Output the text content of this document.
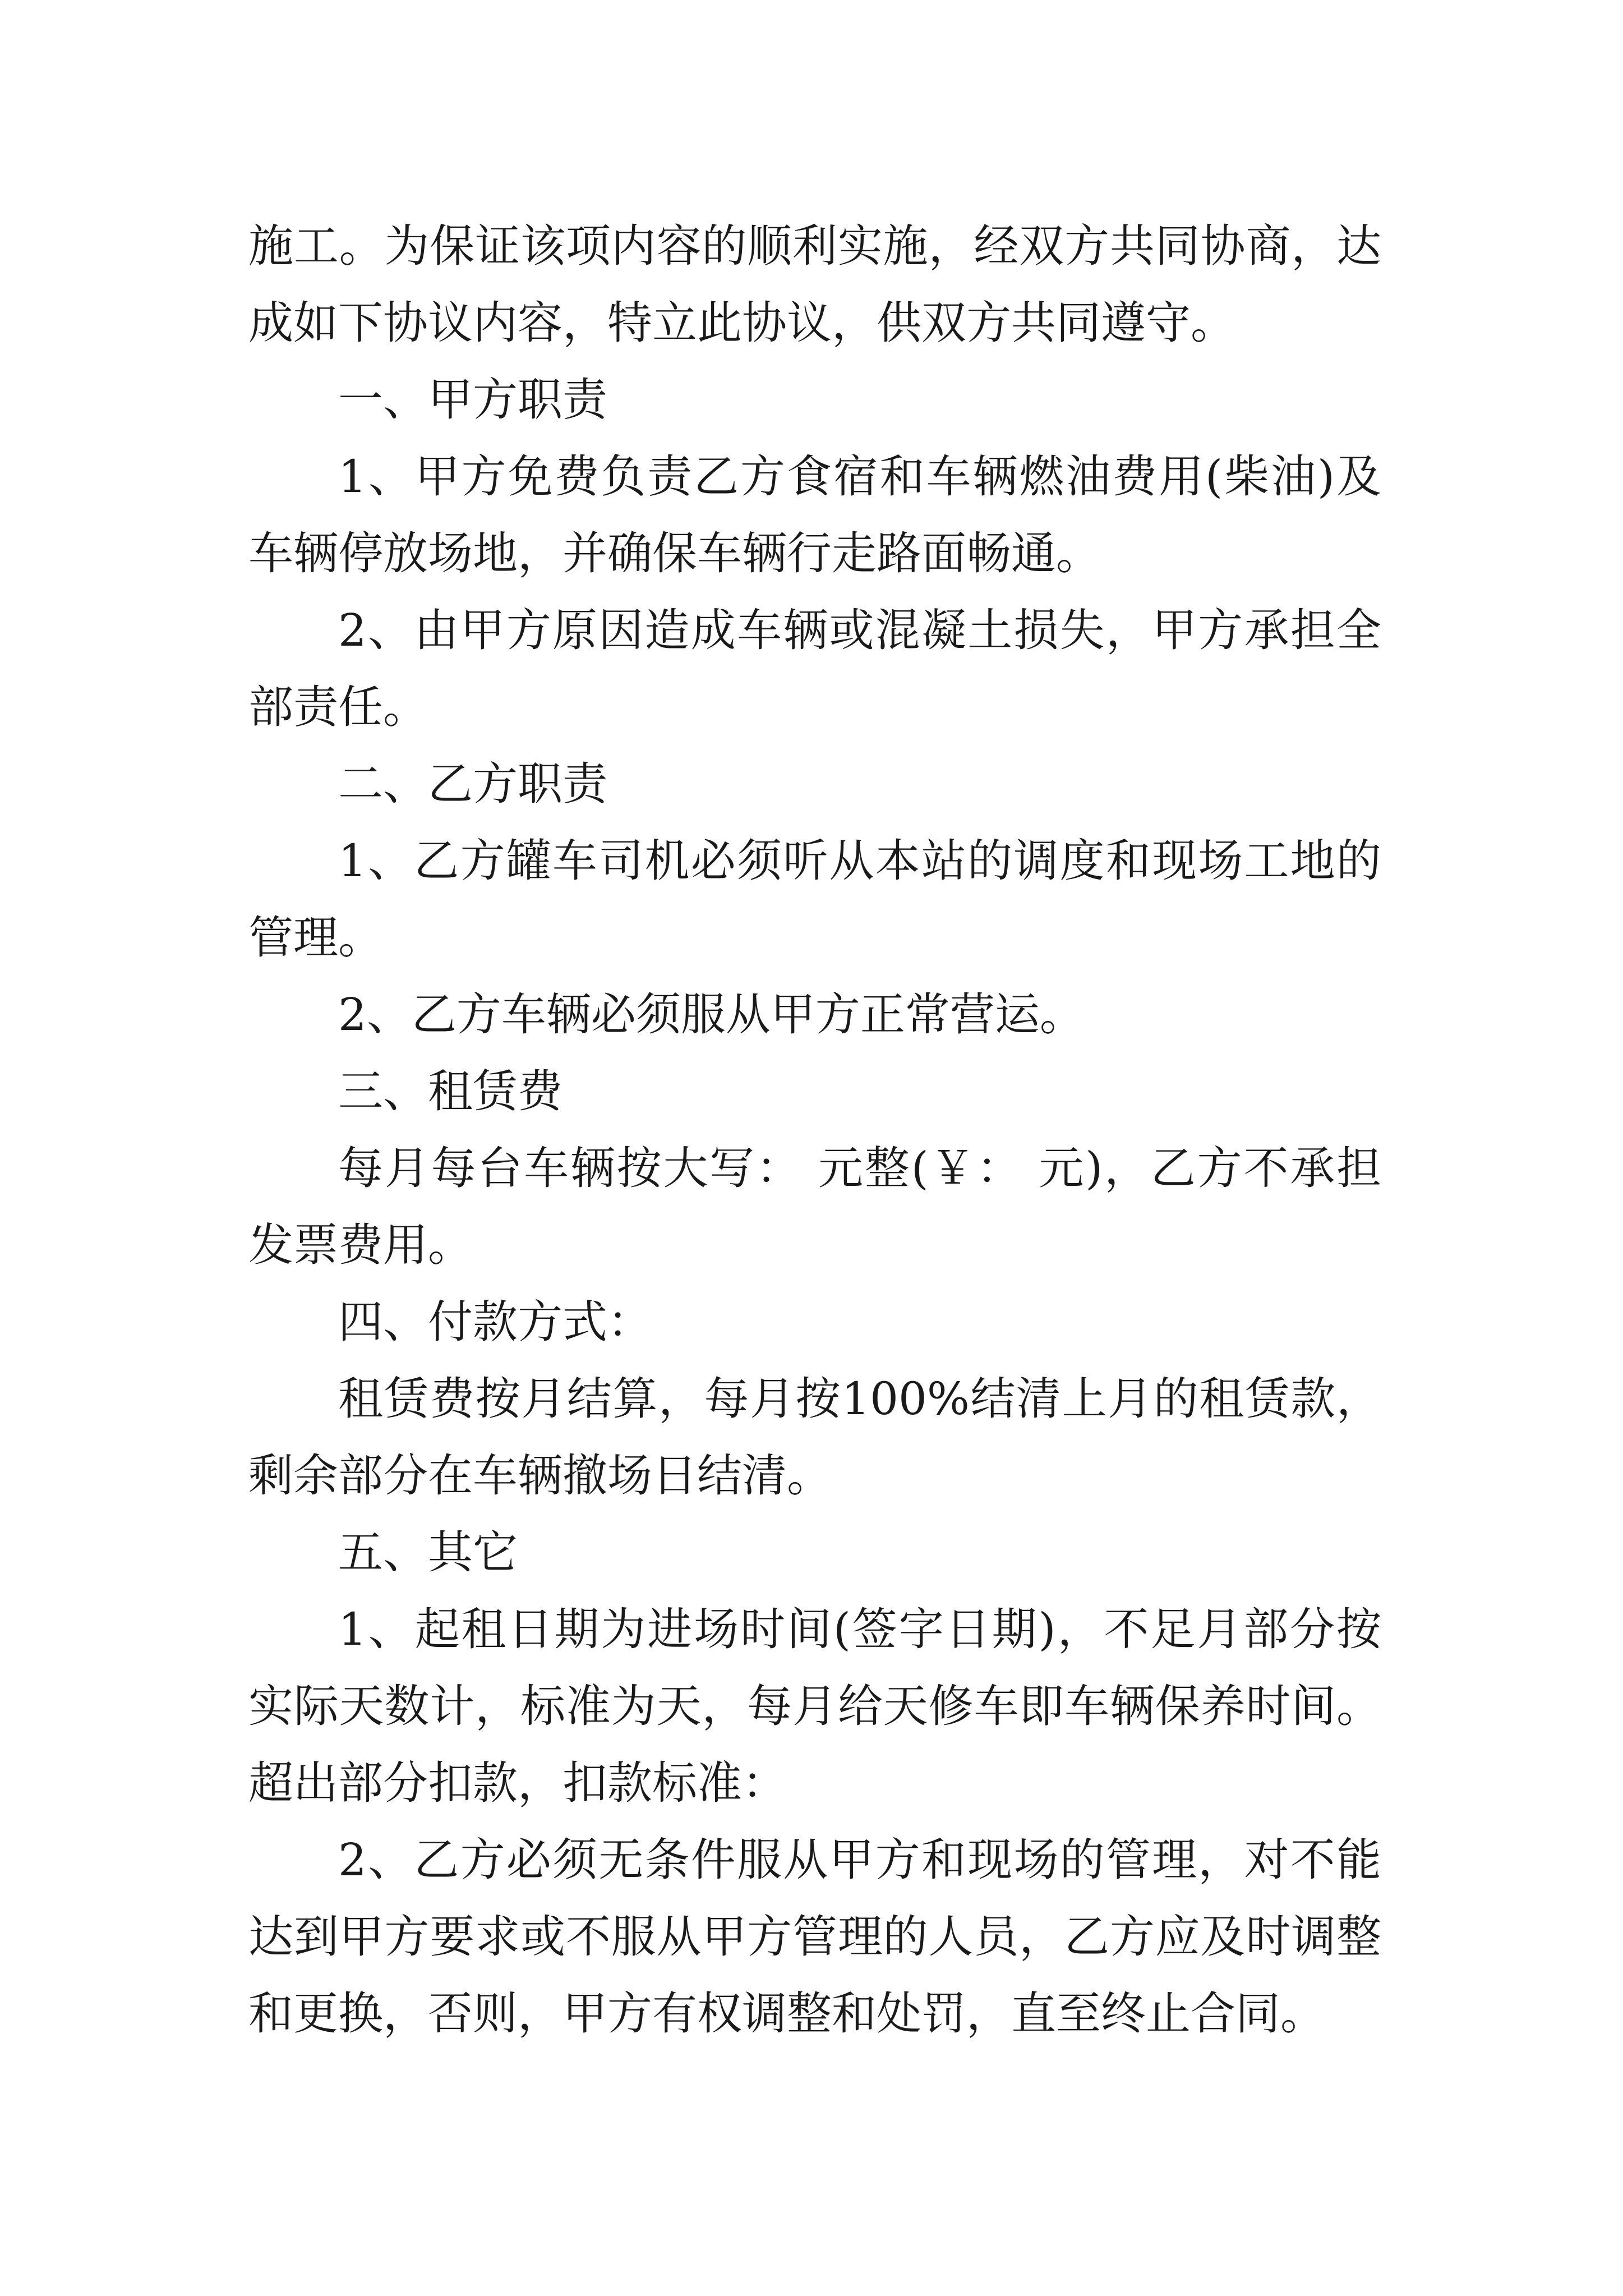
施工。为保证该项内容的顺利实施，经双方共同协商，达成如下协议内容，特立此协议，供双方共同遵守。

一、甲方职责

1、甲方免费负责乙方食宿和车辆燃油费用(柴油)及车辆停放场地，并确保车辆行走路面畅通。

2、由甲方原因造成车辆或混凝土损失，甲方承担全部责任。

二、乙方职责

1、乙方罐车司机必须听从本站的调度和现场工地的管理。

2、乙方车辆必须服从甲方正常营运。

三、租赁费

每月每台车辆按大写： 元整(￥： 元)，乙方不承担发票费用。

四、付款方式：

租赁费按月结算，每月按100%结清上月的租赁款，剩余部分在车辆撤场日结清。

五、其它

1、起租日期为进场时间(签字日期)，不足月部分按实际天数计，标准为天，每月给天修车即车辆保养时间。超出部分扣款，扣款标准：

2、乙方必须无条件服从甲方和现场的管理，对不能达到甲方要求或不服从甲方管理的人员，乙方应及时调整和更换，否则，甲方有权调整和处罚，直至终止合同。
